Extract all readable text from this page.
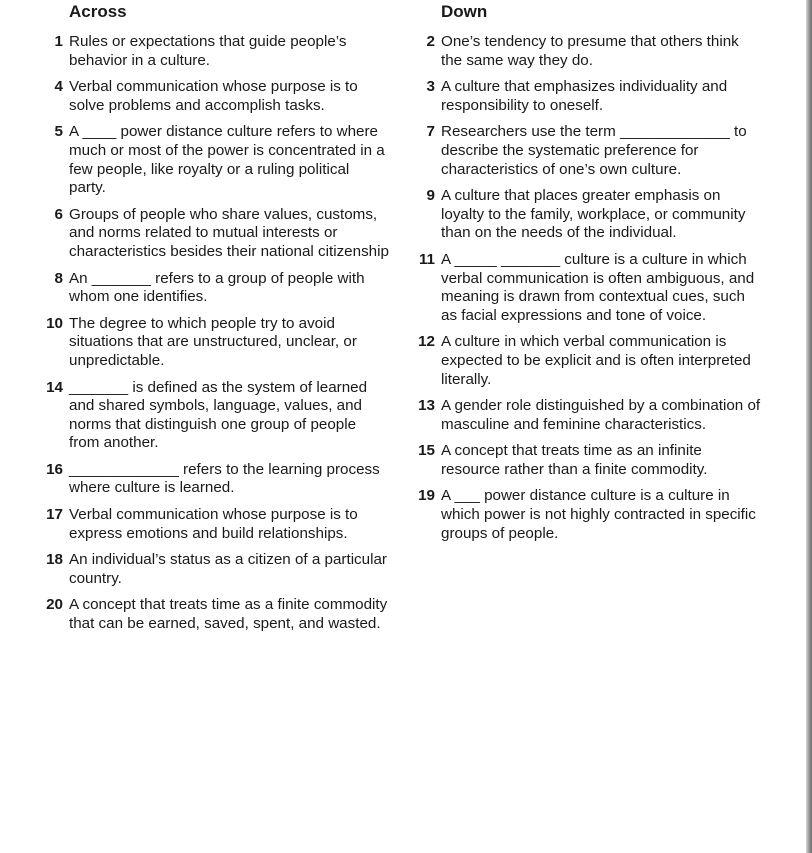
Across
1 Rules or expectations that guide people’s behavior in a culture.
4 Verbal communication whose purpose is to solve problems and accomplish tasks.
5 A ____ power distance culture refers to where much or most of the power is concentrated in a few people, like royalty or a ruling political party.
6 Groups of people who share values, customs, and norms related to mutual interests or characteristics besides their national citizenship
8 An _______ refers to a group of people with whom one identifies.
10 The degree to which people try to avoid situations that are unstructured, unclear, or unpredictable.
14 _______ is defined as the system of learned and shared symbols, language, values, and norms that distinguish one group of people from another.
16 _____________ refers to the learning process where culture is learned.
17 Verbal communication whose purpose is to express emotions and build relationships.
18 An individual’s status as a citizen of a particular country.
20 A concept that treats time as a finite commodity that can be earned, saved, spent, and wasted.
Down
2 One’s tendency to presume that others think the same way they do.
3 A culture that emphasizes individuality and responsibility to oneself.
7 Researchers use the term _____________ to describe the systematic preference for characteristics of one’s own culture.
9 A culture that places greater emphasis on loyalty to the family, workplace, or community than on the needs of the individual.
11 A _____ _______ culture is a culture in which verbal communication is often ambiguous, and meaning is drawn from contextual cues, such as facial expressions and tone of voice.
12 A culture in which verbal communication is expected to be explicit and is often interpreted literally.
13 A gender role distinguished by a combination of masculine and feminine characteristics.
15 A concept that treats time as an infinite resource rather than a finite commodity.
19 A ___ power distance culture is a culture in which power is not highly contracted in specific groups of people.
